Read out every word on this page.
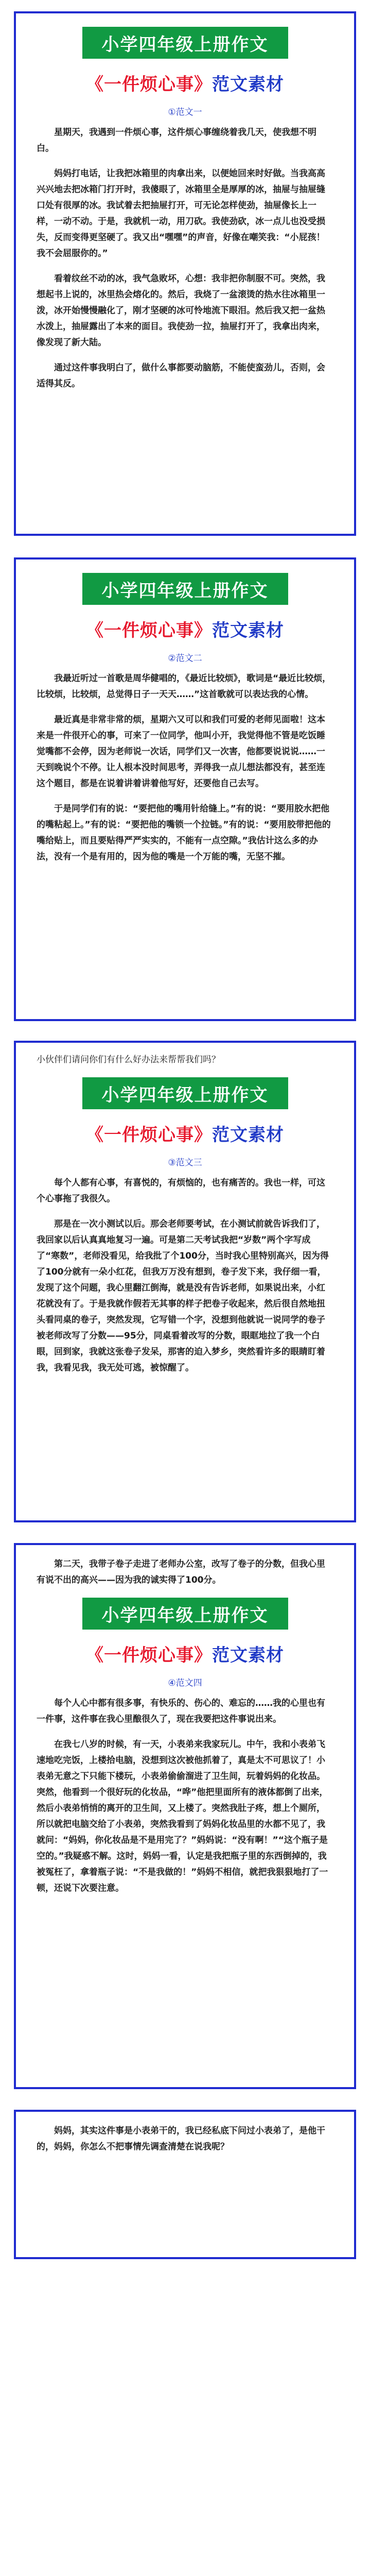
小学四年级上册作文
《一件烦心事》范文素材
①范文一

星期天，我遇到一件烦心事，这件烦心事缠绕着我几天，使我想不明白。

妈妈打电话，让我把冰箱里的肉拿出来，以便她回来时好做。当我高高兴兴地去把冰箱门打开时，我傻眼了，冰箱里全是厚厚的冰，抽屉与抽屉缝口处有很厚的冰。我试着去把抽屉打开，可无论怎样使劲，抽屉像长上一样，一动不动。于是，我就机一动，用刀砍。我使劲砍，冰一点儿也没受损失，反而变得更坚硬了。我又出“嘿嘿”的声音，好像在嘲笑我：“小屁孩！我不会屈服你的。”

看着纹丝不动的冰，我气急败坏，心想：我非把你制服不可。突然，我想起书上说的，冰里热会熔化的。然后，我烧了一盆滚烫的热水往冰箱里一泼，冰开始慢慢融化了，刚才坚硬的冰可怜地流下眼泪。然后我又把一盆热水泼上，抽屉露出了本来的面目。我使劲一拉，抽屉打开了，我拿出肉来，像发现了新大陆。

通过这件事我明白了，做什么事都要动脑筋，不能使蛮劲儿，否则，会适得其反。

小学四年级上册作文
《一件烦心事》范文素材
②范文二

我最近听过一首歌是周华健唱的，《最近比较烦》，歌词是“最近比较烦，比较烦，比较烦，总觉得日子一天天……”这首歌就可以表达我的心情。

最近真是非常非常的烦，星期六又可以和我们可爱的老师见面啦！这本来是一件很开心的事，可来了一位同学，他叫小开，我觉得他不管是吃饭睡觉嘴都不会停，因为老师说一次话，同学们又一次害，他都要说说说……一天到晚说个不停。让人根本没时间思考，弄得我一点儿想法都没有，甚至连这个题目，都是在说着讲着讲着他写好，还要他自己去写。

于是同学们有的说：“要把他的嘴用针给缝上。”有的说：“要用胶水把他的嘴粘起上。”有的说：“要把他的嘴锁一个拉链。”有的说：“要用胶带把他的嘴给贴上，而且要贴得严严实实的，不能有一点空隙。”我估计这么多的办法，没有一个是有用的，因为他的嘴是一个万能的嘴，无坚不摧。

小伙伴们请问你们有什么好办法来帮帮我们吗？

小学四年级上册作文
《一件烦心事》范文素材
③范文三

每个人都有心事，有喜悦的，有烦恼的，也有痛苦的。我也一样，可这个心事拖了我很久。

那是在一次小测试以后。那会老师要考试，在小测试前就告诉我们了，我回家以后认真真地复习一遍。可是第二天考试我把“岁数”两个字写成了“寒数”，老师没看见，给我批了个100分，当时我心里特别高兴，因为得了100分就有一朵小红花，但我万万没有想到，卷子发下来，我仔细一看，发现了这个问题，我心里翻江倒海，就是没有告诉老师，如果说出来，小红花就没有了。于是我就作假若无其事的样子把卷子收起来，然后很自然地扭头看同桌的卷子，突然发现，它写错一个字，没想到他就说一说同学的卷子被老师改写了分数——95分，同桌看着改写的分数，眼眶地拉了我一个白眼，回到家，我就这张卷子发呆，那害的迫入梦乡，突然看许多的眼睛盯着我，我看见我，我无处可逃，被惊醒了。

第二天，我带子卷子走进了老师办公室，改写了卷子的分数，但我心里有说不出的高兴——因为我的诚实得了100分。

小学四年级上册作文
《一件烦心事》范文素材
④范文四

每个人心中都有很多事，有快乐的、伤心的、难忘的……我的心里也有一件事，这件事在我心里酿很久了，现在我要把这件事说出来。

在我七八岁的时候，有一天，小表弟来我家玩儿。中午，我和小表弟飞速地吃完饭，上楼拾电脑，没想到这次被他抓着了，真是太不可思议了！小表弟无意之下只能下楼玩，小表弟偷偷溜进了卫生间，玩着妈妈的化妆品。突然，他看到一个很好玩的化妆品，“哗”他把里面所有的液体都倒了出来，然后小表弟悄悄的离开的卫生间，又上楼了。突然我肚子疼，想上个厕所，所以就把电脑交给了小表弟，突然我看到了妈妈化妆品里的水都不见了，我就问：“妈妈，你化妆品是不是用完了？”妈妈说：“没有啊！”“这个瓶子是空的。”我疑惑不解。这时，妈妈一看，认定是我把瓶子里的东西倒掉的，我被冤枉了，拿着瓶子说：“不是我做的！”妈妈不相信，就把我狠狠地打了一顿，还说下次要注意。

妈妈，其实这件事是小表弟干的，我已经私底下问过小表弟了，是他干的，妈妈，你怎么不把事情先调查清楚在说我呢？
